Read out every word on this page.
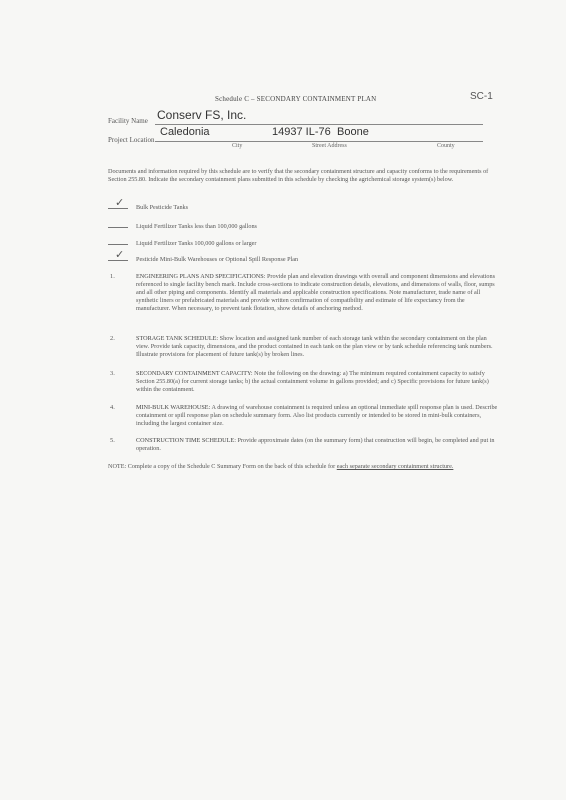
Schedule C – SECONDARY CONTAINMENT PLAN	SC-1
Facility Name Conserv FS, Inc.
Project Location
Caledonia	14937 IL-76 Boone
City	Street Address	County
Documents and information required by this schedule are to verify that the secondary containment structure and capacity conforms to the requirements of Section 255.80. Indicate the secondary containment plans submitted in this schedule by checking the agrichemical storage system(s) below.
✓ Bulk Pesticide Tanks
Liquid Fertilizer Tanks less than 100,000 gallons
Liquid Fertilizer Tanks 100,000 gallons or larger
✓ Pesticide Mini-Bulk Warehouses or Optional Spill Response Plan
1.	ENGINEERING PLANS AND SPECIFICATIONS: Provide plan and elevation drawings with overall and component dimensions and elevations referenced to single facility bench mark. Include cross-sections to indicate construction details, elevations, and dimensions of walls, floor, sumps and all other piping and components. Identify all materials and applicable construction specifications. Note manufacturer, trade name of all synthetic liners or prefabricated materials and provide written confirmation of compatibility and estimate of life expectancy from the manufacturer. When necessary, to prevent tank flotation, show details of anchoring method.
2.	STORAGE TANK SCHEDULE: Show location and assigned tank number of each storage tank within the secondary containment on the plan view. Provide tank capacity, dimensions, and the product contained in each tank on the plan view or by tank schedule referencing tank numbers. Illustrate provisions for placement of future tank(s) by broken lines.
3.	SECONDARY CONTAINMENT CAPACITY: Note the following on the drawing: a) The minimum required containment capacity to satisfy Section 255.80(a) for current storage tanks; b) the actual containment volume in gallons provided; and c) Specific provisions for future tank(s) within the containment.
4.	MINI-BULK WAREHOUSE: A drawing of warehouse containment is required unless an optional immediate spill response plan is used. Describe containment or spill response plan on schedule summary form. Also list products currently or intended to be stored in mini-bulk containers, including the largest container size.
5.	CONSTRUCTION TIME SCHEDULE: Provide approximate dates (on the summary form) that construction will begin, be completed and put in operation.
NOTE: Complete a copy of the Schedule C Summary Form on the back of this schedule for each separate secondary containment structure.
